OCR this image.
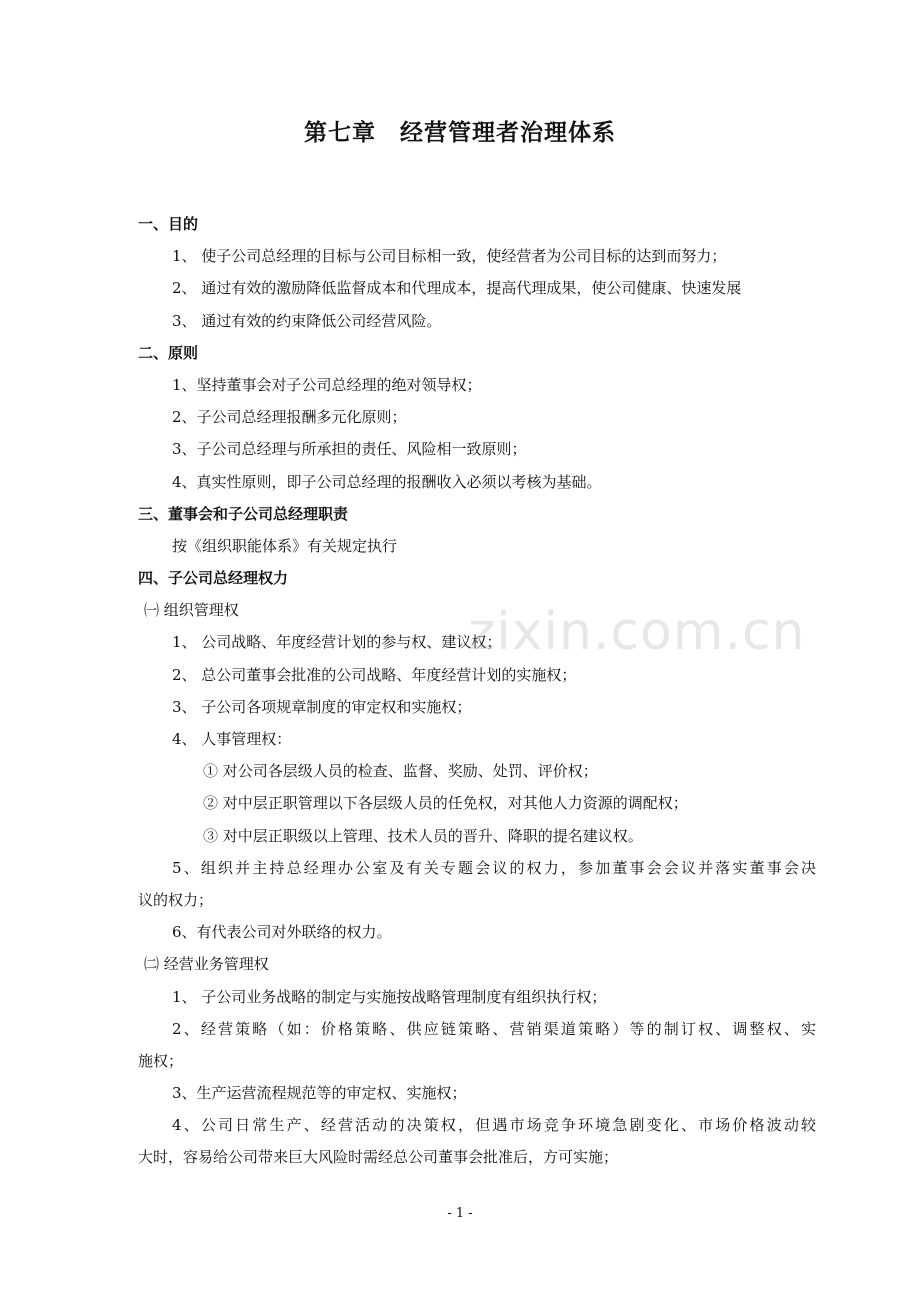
第七章　经营管理者治理体系
一、目的
1、 使子公司总经理的目标与公司目标相一致，使经营者为公司目标的达到而努力；
2、 通过有效的激励降低监督成本和代理成本，提高代理成果，使公司健康、快速发展
3、 通过有效的约束降低公司经营风险。
二、原则
1、坚持董事会对子公司总经理的绝对领导权；
2、子公司总经理报酬多元化原则；
3、子公司总经理与所承担的责任、风险相一致原则；
4、真实性原则，即子公司总经理的报酬收入必须以考核为基础。
三、董事会和子公司总经理职责
按《组织职能体系》有关规定执行
四、子公司总经理权力
㈠ 组织管理权
1、 公司战略、年度经营计划的参与权、建议权；
2、 总公司董事会批准的公司战略、年度经营计划的实施权；
3、 子公司各项规章制度的审定权和实施权；
4、 人事管理权：
① 对公司各层级人员的检查、监督、奖励、处罚、评价权；
② 对中层正职管理以下各层级人员的任免权，对其他人力资源的调配权；
③ 对中层正职级以上管理、技术人员的晋升、降职的提名建议权。
5、组织并主持总经理办公室及有关专题会议的权力，参加董事会会议并落实董事会决
议的权力；
6、有代表公司对外联络的权力。
㈡ 经营业务管理权
1、 子公司业务战略的制定与实施按战略管理制度有组织执行权；
2、经营策略（如：价格策略、供应链策略、营销渠道策略）等的制订权、调整权、实
施权；
3、生产运营流程规范等的审定权、实施权；
4、公司日常生产、经营活动的决策权，但遇市场竞争环境急剧变化、市场价格波动较
大时，容易给公司带来巨大风险时需经总公司董事会批准后，方可实施；
zixin.com.cn
- 1 -
